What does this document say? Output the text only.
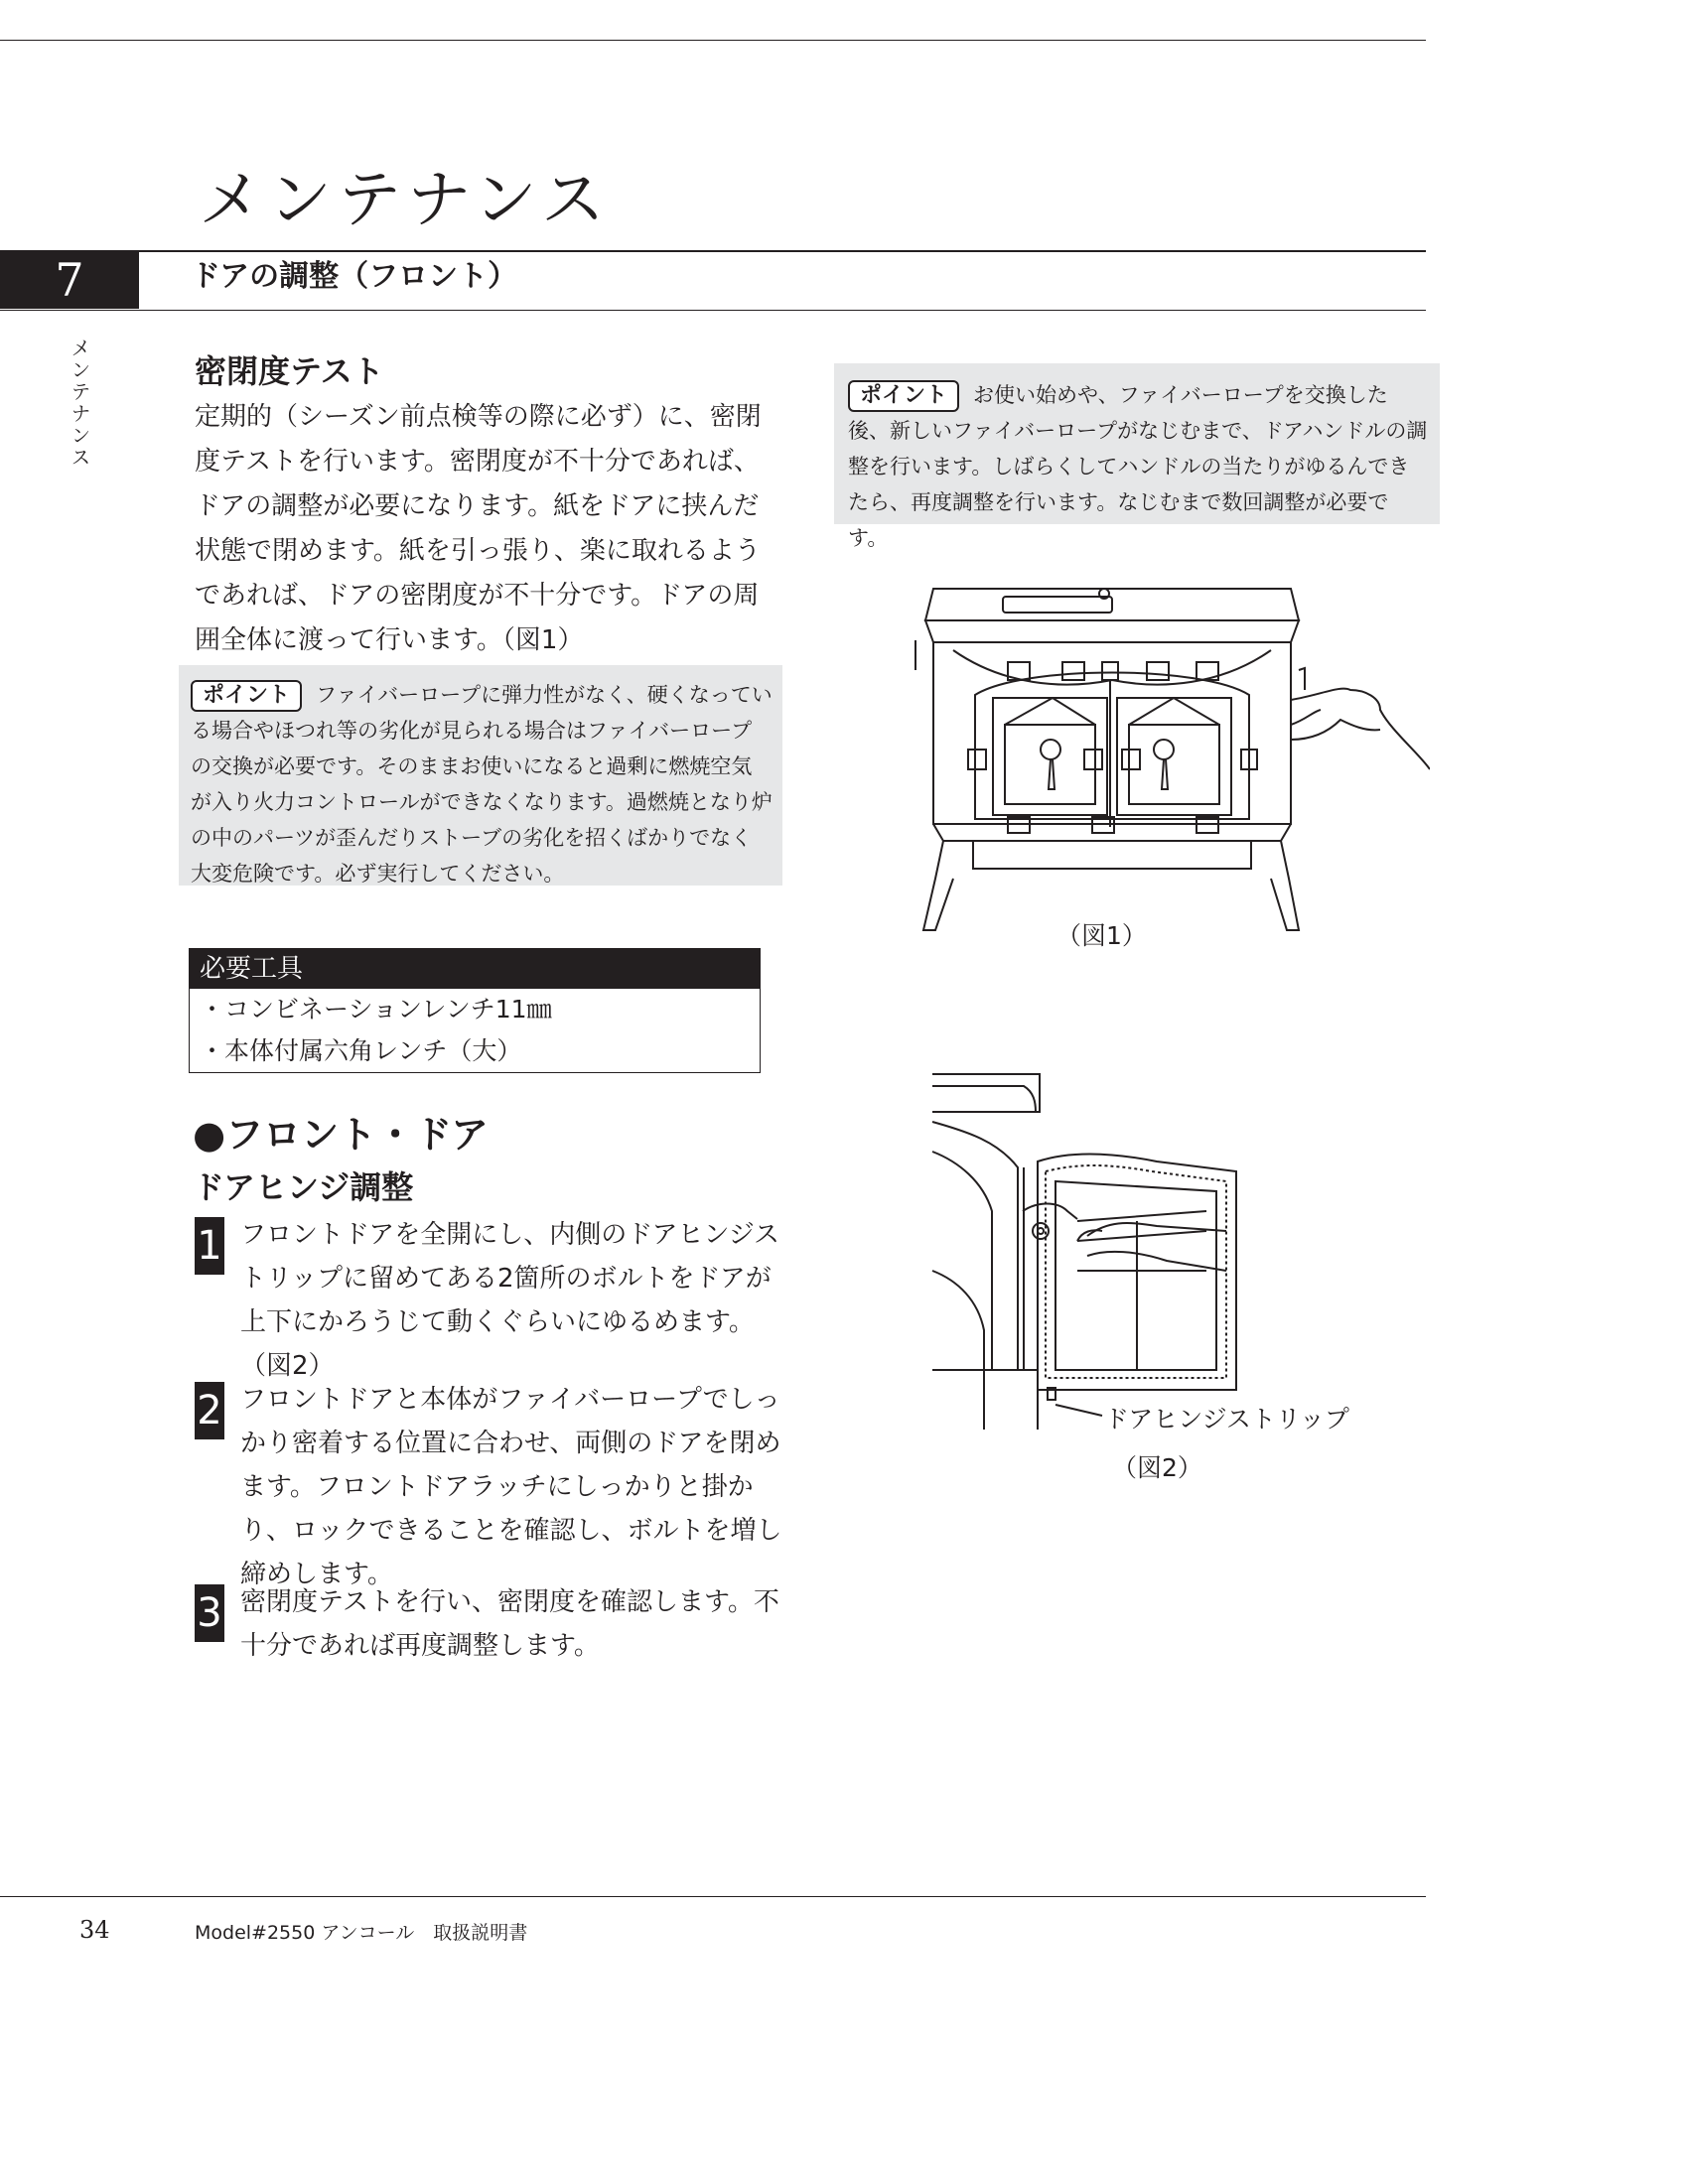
メンテナンス
7	ドアの調整（フロント）
メンテナンス	密閉度テスト
定期的（シーズン前点検等の際に必ず）に、密閉度テストを行います。密閉度が不十分であれば、ドアの調整が必要になります。紙をドアに挟んだ状態で閉めます。紙を引っ張り、楽に取れるようであれば、ドアの密閉度が不十分です。ドアの周囲全体に渡って行います。（図1）
ポイント ファイバーロープに弾力性がなく、硬くなっている場合やほつれ等の劣化が見られる場合はファイバーロープの交換が必要です。そのままお使いになると過剰に燃焼空気が入り火力コントロールができなくなります。過燃焼となり炉の中のパーツが歪んだりストーブの劣化を招くばかりでなく大変危険です。必ず実行してください。
必要工具
・コンビネーションレンチ11㎜
・本体付属六角レンチ（大）
●フロント・ドア
ドアヒンジ調整
1 フロントドアを全開にし、内側のドアヒンジストリップに留めてある2箇所のボルトをドアが上下にかろうじて動くぐらいにゆるめます。（図2）
2 フロントドアと本体がファイバーロープでしっかり密着する位置に合わせ、両側のドアを閉めます。フロントドアラッチにしっかりと掛かり、ロックできることを確認し、ボルトを増し締めします。
3 密閉度テストを行い、密閉度を確認します。不十分であれば再度調整します。
ポイント お使い始めや、ファイバーロープを交換した後、新しいファイバーロープがなじむまで、ドアハンドルの調整を行います。しばらくしてハンドルの当たりがゆるんできたら、再度調整を行います。なじむまで数回調整が必要です。
（図1）
ドアヒンジストリップ
（図2）
34	Model#2550 アンコール　取扱説明書
